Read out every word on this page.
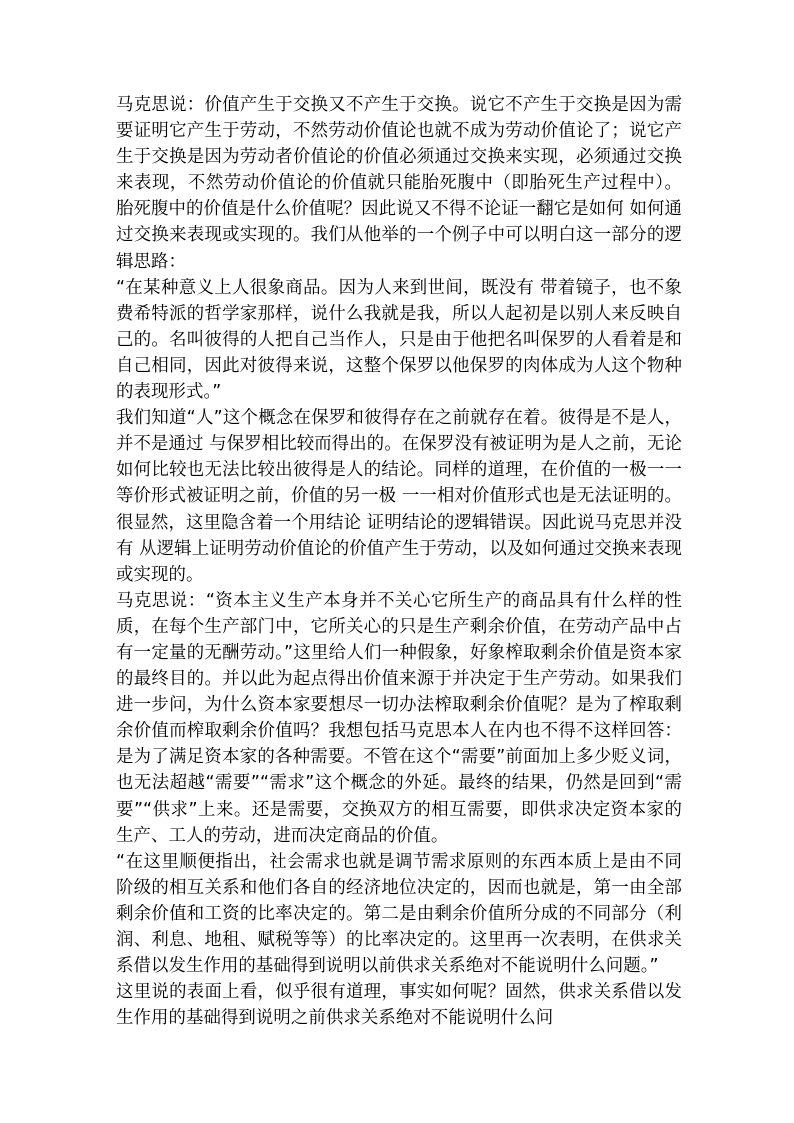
马克思说：价值产生于交换又不产生于交换。说它不产生于交换是因为需要证明它产生于劳动，不然劳动价值论也就不成为劳动价值论了；说它产生于交换是因为劳动者价值论的价值必须通过交换来实现，必须通过交换来表现，不然劳动价值论的价值就只能胎死腹中（即胎死生产过程中）。胎死腹中的价值是什么价值呢？因此说又不得不论证一翻它是如何 如何通过交换来表现或实现的。我们从他举的一个例子中可以明白这一部分的逻辑思路：

“在某种意义上人很象商品。因为人来到世间，既没有 带着镜子，也不象费希特派的哲学家那样，说什么我就是我，所以人起初是以别人来反映自己的。名叫彼得的人把自己当作人，只是由于他把名叫保罗的人看着是和自己相同，因此对彼得来说，这整个保罗以他保罗的肉体成为人这个物种的表现形式。”

我们知道“人”这个概念在保罗和彼得存在之前就存在着。彼得是不是人，并不是通过 与保罗相比较而得出的。在保罗没有被证明为是人之前，无论如何比较也无法比较出彼得是人的结论。同样的道理，在价值的一极一一等价形式被证明之前，价值的另一极 一一相对价值形式也是无法证明的。很显然，这里隐含着一个用结论 证明结论的逻辑错误。因此说马克思并没有 从逻辑上证明劳动价值论的价值产生于劳动，以及如何通过交换来表现或实现的。

马克思说：“资本主义生产本身并不关心它所生产的商品具有什么样的性质，在每个生产部门中，它所关心的只是生产剩余价值，在劳动产品中占有一定量的无酬劳动。”这里给人们一种假象，好象榨取剩余价值是资本家的最终目的。并以此为起点得出价值来源于并决定于生产劳动。如果我们进一步问，为什么资本家要想尽一切办法榨取剩余价值呢？是为了榨取剩余价值而榨取剩余价值吗？我想包括马克思本人在内也不得不这样回答：是为了满足资本家的各种需要。不管在这个“需要”前面加上多少贬义词，也无法超越“需要”“需求”这个概念的外延。最终的结果，仍然是回到“需要”“供求”上来。还是需要，交换双方的相互需要，即供求决定资本家的生产、工人的劳动，进而决定商品的价值。

“在这里顺便指出，社会需求也就是调节需求原则的东西本质上是由不同阶级的相互关系和他们各自的经济地位决定的，因而也就是，第一由全部剩余价值和工资的比率决定的。第二是由剩余价值所分成的不同部分（利润、利息、地租、赋税等等）的比率决定的。这里再一次表明，在供求关系借以发生作用的基础得到说明以前供求关系绝对不能说明什么问题。”

这里说的表面上看，似乎很有道理，事实如何呢？固然，供求关系借以发生作用的基础得到说明之前供求关系绝对不能说明什么问
